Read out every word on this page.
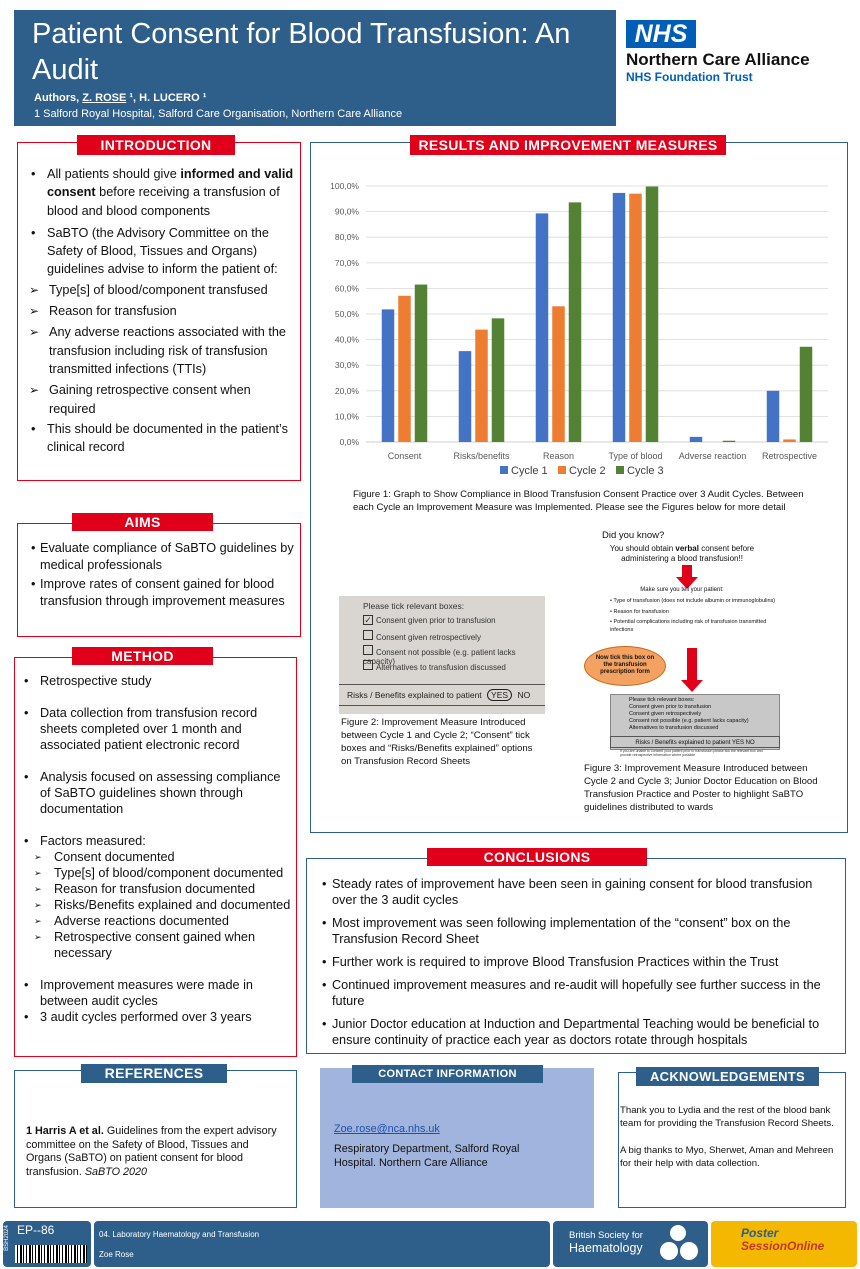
Patient Consent for Blood Transfusion: An Audit
Authors, Z. ROSE ¹, H. LUCERO ¹
1 Salford Royal Hospital, Salford Care Organisation, Northern Care Alliance
NHS
Northern Care Alliance
NHS Foundation Trust
INTRODUCTION
• All patients should give informed and valid consent before receiving a transfusion of blood and blood components
• SaBTO (the Advisory Committee on the Safety of Blood, Tissues and Organs) guidelines advise to inform the patient of:
➢ Type[s] of blood/component transfused
➢ Reason for transfusion
➢ Any adverse reactions associated with the transfusion including risk of transfusion transmitted infections (TTIs)
➢ Gaining retrospective consent when required
• This should be documented in the patient’s clinical record
AIMS
• Evaluate compliance of SaBTO guidelines by medical professionals
• Improve rates of consent gained for blood transfusion through improvement measures
METHOD
• Retrospective study
• Data collection from transfusion record sheets completed over 1 month and associated patient electronic record
• Analysis focused on assessing compliance of SaBTO guidelines shown through documentation
• Factors measured:
➢ Consent documented
➢ Type[s] of blood/component documented
➢ Reason for transfusion documented
➢ Risks/Benefits explained and documented
➢ Adverse reactions documented
➢ Retrospective consent gained when necessary
• Improvement measures were made in between audit cycles
• 3 audit cycles performed over 3 years
RESULTS AND IMPROVEMENT MEASURES
0,0%
10,0%
20,0%
30,0%
40,0%
50,0%
60,0%
70,0%
80,0%
90,0%
100,0%
Consent	Risks/benefits	Reason	Type of blood Adverse reaction Retrospective
Cycle 1 Cycle 2 Cycle 3
Figure 1: Graph to Show Compliance in Blood Transfusion Consent Practice over 3 Audit Cycles. Between each Cycle an Improvement Measure was Implemented. Please see the Figures below for more detail
Please tick relevant boxes:
✓ Consent given prior to transfusion
Consent given retrospectively
Consent not possible (e.g. patient lacks capacity)
Alternatives to transfusion discussed
Risks / Benefits explained to patient YES NO
Figure 2: Improvement Measure Introduced between Cycle 1 and Cycle 2; “Consent” tick boxes and “Risks/Benefits explained” options on Transfusion Record Sheets
Did you know?
You should obtain verbal consent before
administering a blood transfusion!!
Make sure you tell your patient:
• Type of transfusion (does not include albumin or immunoglobulins)
• Reason for transfusion
• Potential complications including risk of transfusion transmitted infections
Now tick this box on the transfusion prescription form
Please tick relevant boxes:
Consent given prior to transfusion
Consent given retrospectively
Consent not possible (e.g. patient lacks capacity)
Alternatives to transfusion discussed
Risks / Benefits explained to patient YES NO
If you are unable to consent your patient prior to transfusion please tick the relevant box and provide retrospective information where possible
Figure 3: Improvement Measure Introduced between Cycle 2 and Cycle 3; Junior Doctor Education on Blood Transfusion Practice and Poster to highlight SaBTO guidelines distributed to wards
CONCLUSIONS
• Steady rates of improvement have been seen in gaining consent for blood transfusion over the 3 audit cycles
• Most improvement was seen following implementation of the “consent” box on the Transfusion Record Sheet
• Further work is required to improve Blood Transfusion Practices within the Trust
• Continued improvement measures and re-audit will hopefully see further success in the future
• Junior Doctor education at Induction and Departmental Teaching would be beneficial to ensure continuity of practice each year as doctors rotate through hospitals
REFERENCES
1 Harris A et al. Guidelines from the expert advisory committee on the Safety of Blood, Tissues and Organs (SaBTO) on patient consent for blood transfusion. SaBTO 2020
CONTACT INFORMATION
Zoe.rose@nca.nhs.uk
Respiratory Department, Salford Royal Hospital. Northern Care Alliance
ACKNOWLEDGEMENTS
Thank you to Lydia and the rest of the blood bank team for providing the Transfusion Record Sheets.
A big thanks to Myo, Sherwet, Aman and Mehreen for their help with data collection.
BSH2024 EP--86	04. Laboratory Haematology and Transfusion
Zoe Rose
British Society for
Haematology
Poster
SessionOnline
